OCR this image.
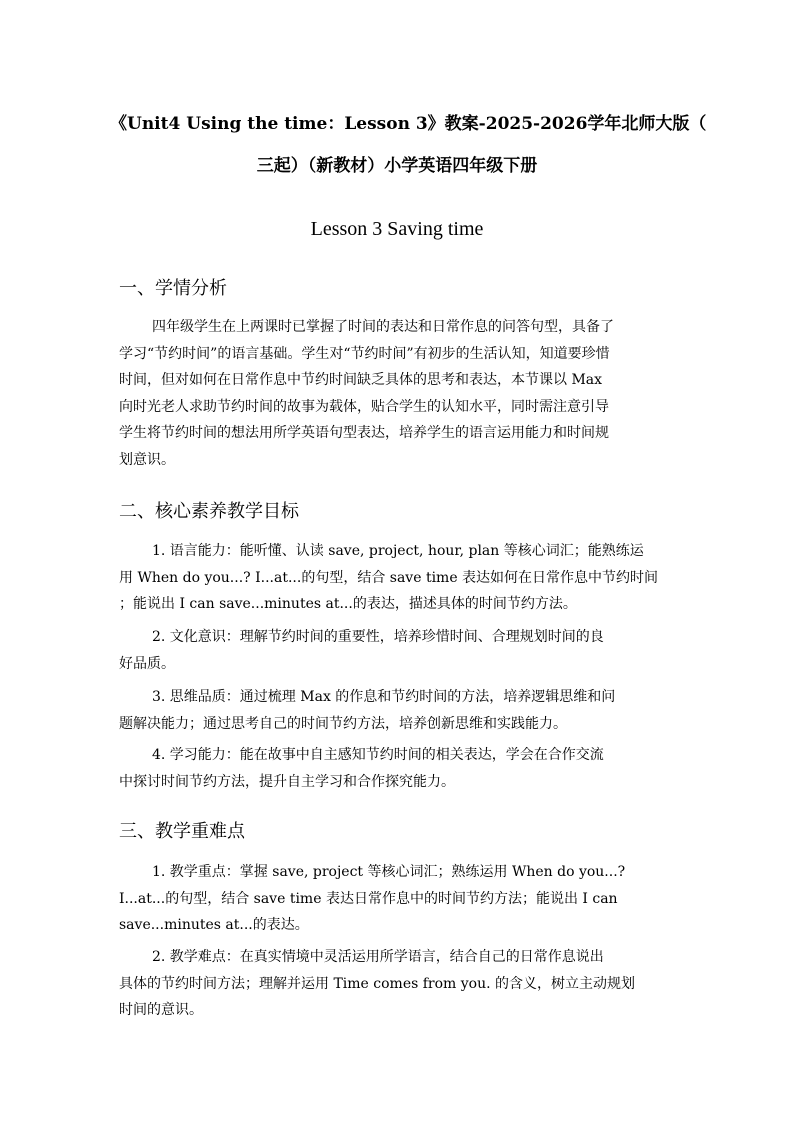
《Unit4 Using the time：Lesson 3》教案-2025-2026学年北师大版（
三起）（新教材）小学英语四年级下册
Lesson 3 Saving time
一、学情分析
四年级学生在上两课时已掌握了时间的表达和日常作息的问答句型，具备了
学习“节约时间”的语言基础。学生对“节约时间”有初步的生活认知，知道要珍惜
时间，但对如何在日常作息中节约时间缺乏具体的思考和表达，本节课以 Max
向时光老人求助节约时间的故事为载体，贴合学生的认知水平，同时需注意引导
学生将节约时间的想法用所学英语句型表达，培养学生的语言运用能力和时间规
划意识。
二、核心素养教学目标
1. 语言能力：能听懂、认读 save, project, hour, plan 等核心词汇；能熟练运
用 When do you...? I...at...的句型，结合 save time 表达如何在日常作息中节约时间
；能说出 I can save...minutes at...的表达，描述具体的时间节约方法。
2. 文化意识：理解节约时间的重要性，培养珍惜时间、合理规划时间的良
好品质。
3. 思维品质：通过梳理 Max 的作息和节约时间的方法，培养逻辑思维和问
题解决能力；通过思考自己的时间节约方法，培养创新思维和实践能力。
4. 学习能力：能在故事中自主感知节约时间的相关表达，学会在合作交流
中探讨时间节约方法，提升自主学习和合作探究能力。
三、教学重难点
1. 教学重点：掌握 save, project 等核心词汇；熟练运用 When do you...?
I...at...的句型，结合 save time 表达日常作息中的时间节约方法；能说出 I can
save...minutes at...的表达。
2. 教学难点：在真实情境中灵活运用所学语言，结合自己的日常作息说出
具体的节约时间方法；理解并运用 Time comes from you. 的含义，树立主动规划
时间的意识。
